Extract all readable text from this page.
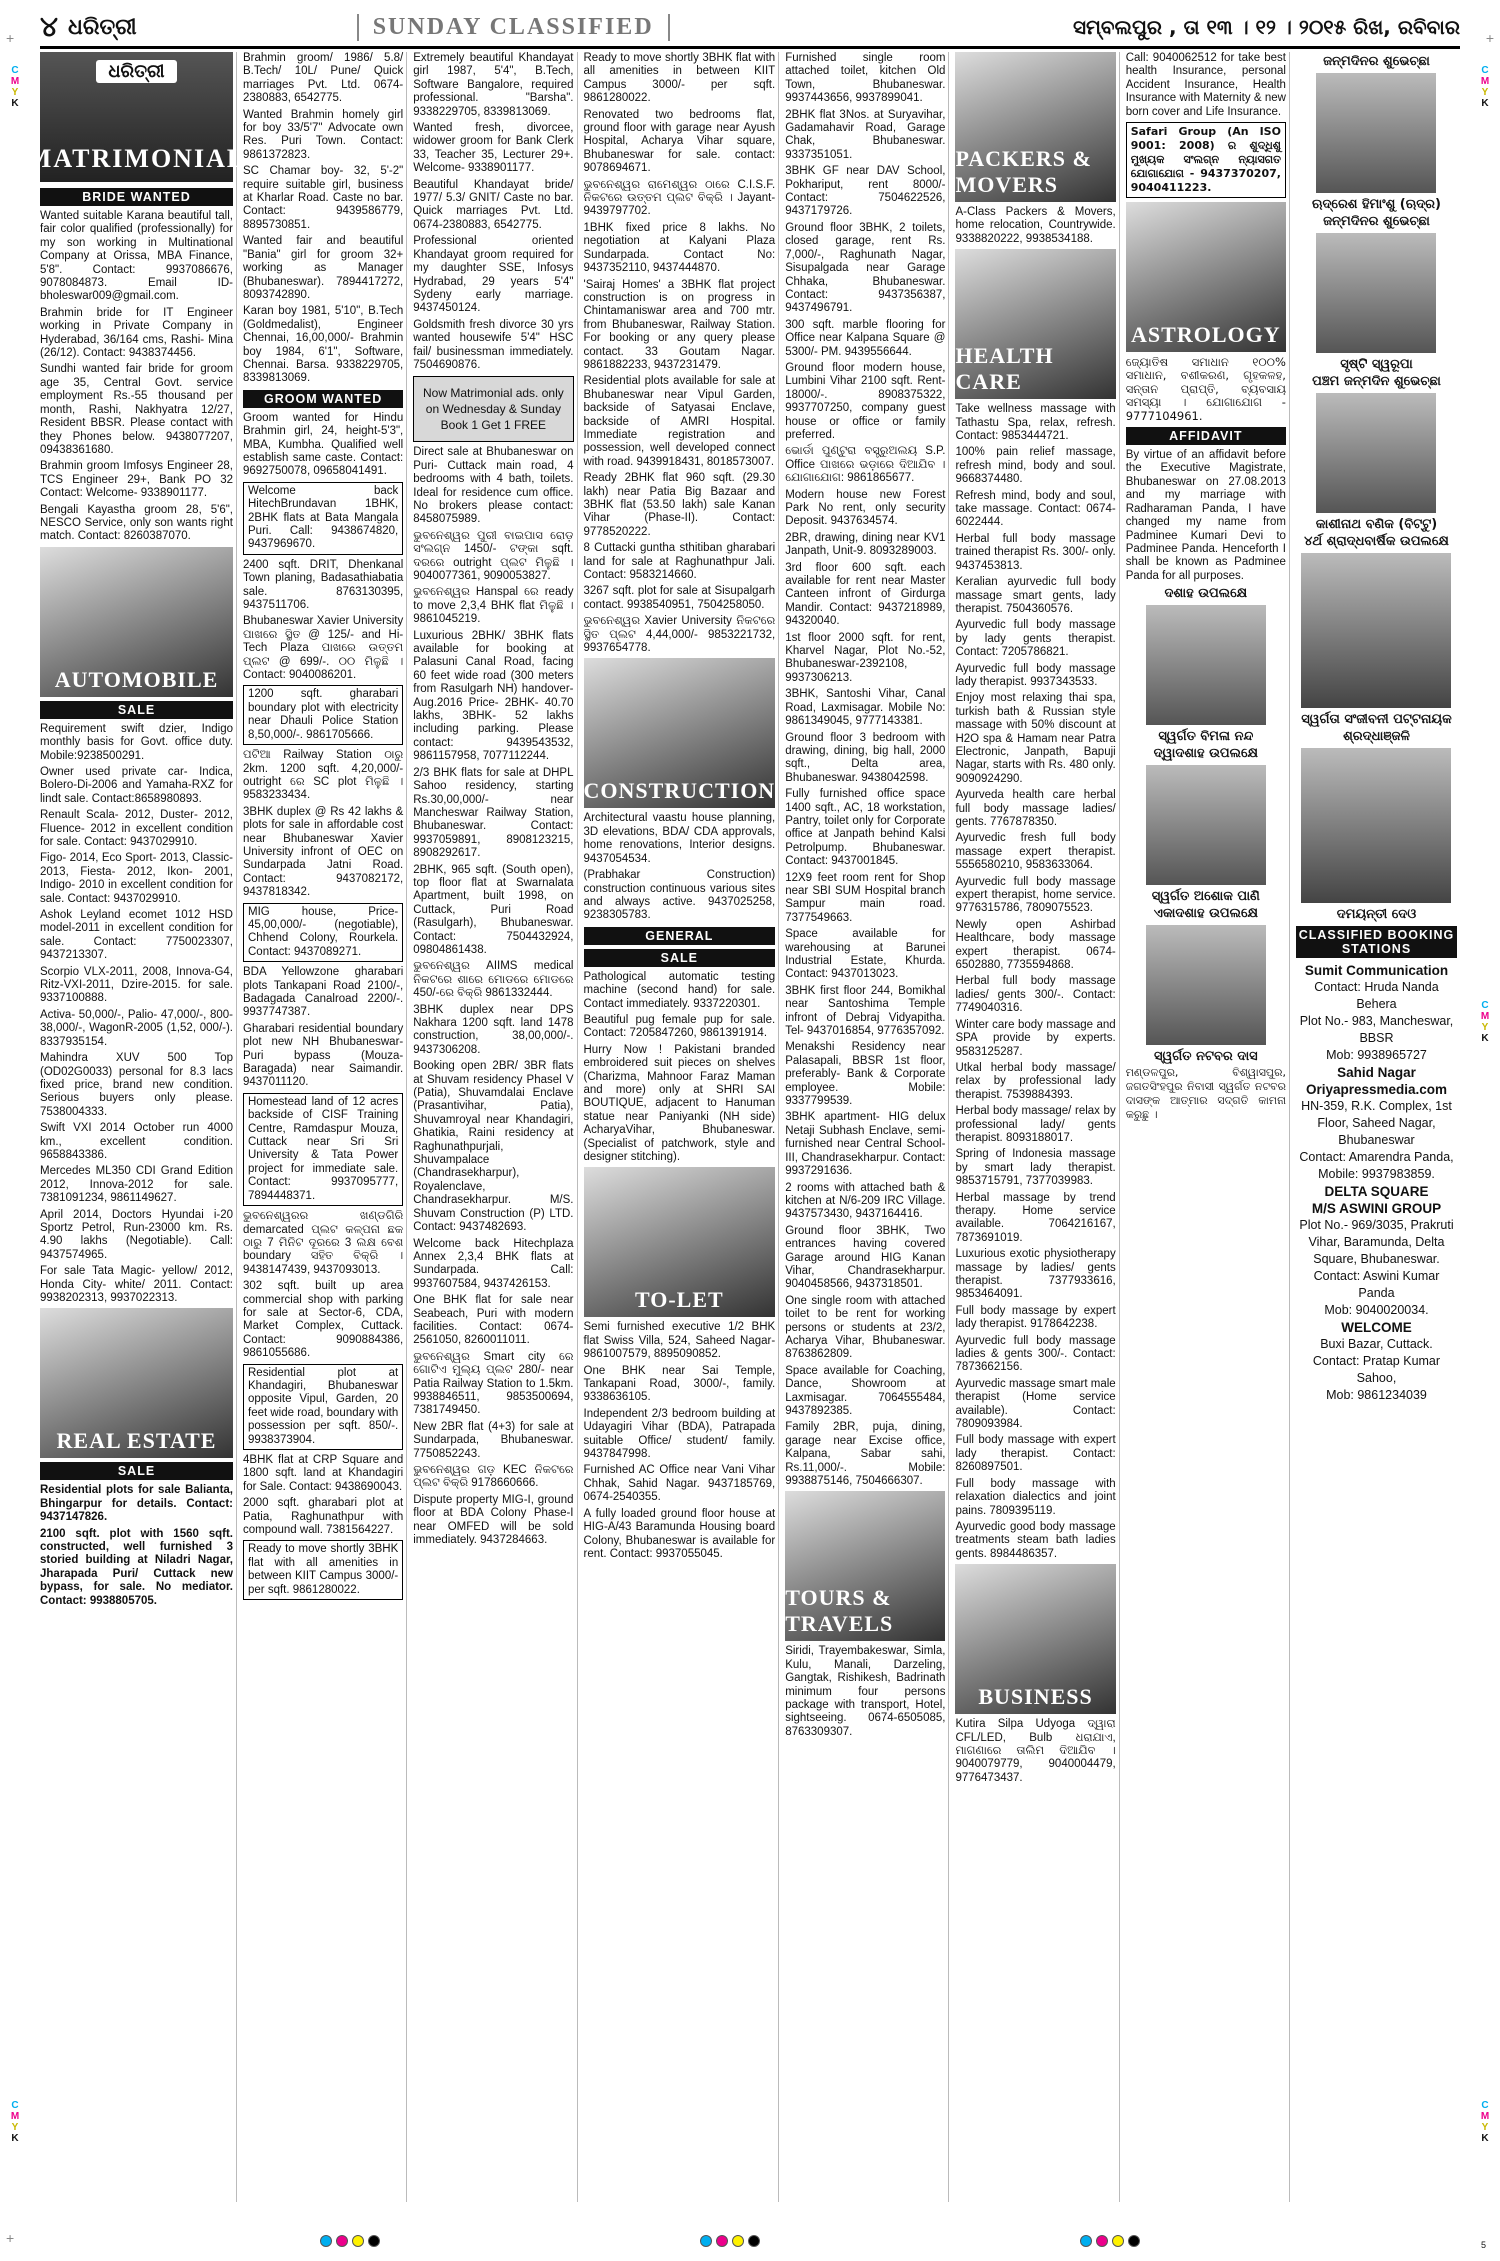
୪ ଧରିତ୍ରୀ	SUNDAY CLASSIFIED	ସମ୍ବଲପୁର , ତା ୧୩ । ୧୨ । ୨୦୧୫ ରିଖ, ରବିବାର
ଧରିତ୍ରୀ
MATRIMONIAL
BRIDE WANTED
Wanted suitable Karana beautiful tall, fair color qualified (professionally) for my son working in Multinational Company at Orissa, MBA Finance, 5'8". Contact: 9937086676, 9078084873. Email ID- bholeswar009@gmail.com.
Brahmin bride for IT Engineer working in Private Company in Hyderabad, 36/164 cms, Rashi- Mina (26/12). Contact: 9438374456.
Sundhi wanted fair bride for groom age 35, Central Govt. service employment Rs.-55 thousand per month, Rashi, Nakhyatra 12/27, Resident BBSR. Please contact with they Phones below. 9438077207, 09438361680.
Brahmin groom Imfosys Engineer 28, TCS Engineer 29+, Bank PO 32 Contact: Welcome- 9338901177.
Bengali Kayastha groom 28, 5'6", NESCO Service, only son wants right match. Contact: 8260387070.
AUTOMOBILE
SALE
Requirement swift dzier, Indigo monthly basis for Govt. office duty. Mobile:9238500291.
Owner used private car- Indica, Bolero-Di-2006 and Yamaha-RXZ for lindt sale. Contact:8658980893.
Renault Scala- 2012, Duster- 2012, Fluence- 2012 in excellent condition for sale. Contact: 9437029910.
Figo- 2014, Eco Sport- 2013, Classic- 2013, Fiesta- 2012, Ikon- 2001, Indigo- 2010 in excellent condition for sale. Contact: 9437029910.
Ashok Leyland ecomet 1012 HSD model-2011 in excellent condition for sale. Contact: 7750023307, 9437213307.
Scorpio VLX-2011, 2008, Innova-G4, Ritz-VXI-2011, Dzire-2015. for sale. 9337100888.
Activa- 50,000/-, Palio- 47,000/-, 800- 38,000/-, WagonR-2005 (1,52, 000/-). 8337935154.
Mahindra XUV 500 Top (OD02G0033) personal for 8.3 lacs fixed price, brand new condition. Serious buyers only please. 7538004333.
Swift VXI 2014 October run 4000 km., excellent condition. 9658843386.
Mercedes ML350 CDI Grand Edition 2012, Innova-2012 for sale. 7381091234, 9861149627.
April 2014, Doctors Hyundai i-20 Sportz Petrol, Run-23000 km. Rs. 4.90 lakhs (Negotiable). Call: 9437574965.
For sale Tata Magic- yellow/ 2012, Honda City- white/ 2011. Contact: 9938202313, 9937022313.
REAL ESTATE
SALE
Residential plots for sale Balianta, Bhingarpur for details. Contact: 9437147826.
2100 sqft. plot with 1560 sqft. constructed, well furnished 3 storied building at Niladri Nagar, Jharapada Puri/ Cuttack new bypass, for sale. No mediator. Contact: 9938805705.
Brahmin groom/ 1986/ 5.8/ B.Tech/ 10L/ Pune/ Quick marriages Pvt. Ltd. 0674-2380883, 6542775.
Wanted Brahmin homely girl for boy 33/5'7" Advocate own Res. Puri Town. Contact: 9861372823.
SC Chamar boy- 32, 5'-2" require suitable girl, business at Kharlar Road. Caste no bar. Contact: 9439586779, 8895730851.
Wanted fair and beautiful "Bania" girl for groom 32+ working as Manager (Bhubaneswar). 7894417272, 8093742890.
Karan boy 1981, 5'10", B.Tech (Goldmedalist), Engineer Chennai, 16,00,000/- Brahmin boy 1984, 6'1", Software, Chennai. Barsa. 9338229705, 8339813069.
GROOM WANTED
Groom wanted for Hindu Brahmin girl, 24, height-5'3", MBA, Kumbha. Qualified well establish same caste. Contact: 9692750078, 09658041491.
Welcome back HitechBrundavan 1BHK, 2BHK flats at Bata Mangala Puri. Call: 9438674820, 9437969670.
2400 sqft. DRIT, Dhenkanal Town planing, Badasathiabatia sale. 8763130395, 9437511706.
Bhubaneswar Xavier University ପାଖରେ ସ୍ଥିତ @ 125/- and Hi-Tech Plaza ପାଖରେ ଉତ୍ତମ ପ୍ଲଟ @ 699/-. ୦୦ ମିଳୁଛି । Contact: 9040086201.
1200 sqft. gharabari boundary plot with electricity near Dhauli Police Station 8,50,000/-. 9861705666.
ପଟିଆ Railway Station ଠାରୁ 2km. 1200 sqft. 4,20,000/- outright ରେ SC plot ମିଳୁଛି । 9583233434.
3BHK duplex @ Rs 42 lakhs & plots for sale in affordable cost near Bhubaneswar Xavier University infront of OEC on Sundarpada Jatni Road. Contact: 9437082172, 9437818342.
MIG house, Price- 45,00,000/- (negotiable), Chhend Colony, Rourkela. Contact: 9437089271.
BDA Yellowzone gharabari plots Tankapani Road 2100/-, Badagada Canalroad 2200/-. 9937747387.
Gharabari residential boundary plot new NH Bhubaneswar- Puri bypass (Mouza- Baragada) near Saimandir. 9437011120.
Homestead land of 12 acres backside of CISF Training Centre, Ramdaspur Mouza, Cuttack near Sri Sri University & Tata Power project for immediate sale. Contact: 9937095777, 7894448371.
ଭୁବନେଶ୍ୱରର ଖଣ୍ଡଗିରି demarcated ପ୍ଲଟ କଳ୍ପନା ଛକ ଠାରୁ 7 ମିନିଟ ଦୂରରେ 3 ଲକ୍ଷ ବେଶ boundary ସହିତ ବିକ୍ରି । 9438147439, 9437093013.
302 sqft. built up area commercial shop with parking for sale at Sector-6, CDA, Market Complex, Cuttack. Contact: 9090884386, 9861055686.
Residential plot at Khandagiri, Bhubaneswar opposite Vipul, Garden, 20 feet wide road, boundary with possession per sqft. 850/-. 9938373904.
4BHK flat at CRP Square and 1800 sqft. land at Khandagiri for Sale. Contact: 9438690043.
2000 sqft. gharabari plot at Patia, Raghunathpur with compound wall. 7381564227.
Ready to move shortly 3BHK flat with all amenities in between KIIT Campus 3000/- per sqft. 9861280022.
Extremely beautiful Khandayat girl 1987, 5'4", B.Tech, Software Bangalore, required professional. "Barsha". 9338229705, 8339813069.
Wanted fresh, divorcee, widower groom for Bank Clerk 33, Teacher 35, Lecturer 29+. Welcome- 9338901177.
Beautiful Khandayat bride/ 1977/ 5.3/ GNIT/ Caste no bar. Quick marriages Pvt. Ltd. 0674-2380883, 6542775.
Professional oriented Khandayat groom required for my daughter SSE, Infosys Hydrabad, 29 years 5'4" Sydeny early marriage. 9437450124.
Goldsmith fresh divorce 30 yrs wanted housewife 5'4" HSC fail/ businessman immediately. 7504690876.
Now Matrimonial ads. only on Wednesday & Sunday Book 1 Get 1 FREE
Direct sale at Bhubaneswar on Puri- Cuttack main road, 4 bedrooms with 4 bath, toilets. Ideal for residence cum office. No brokers please contact: 8458075989.
ଭୁବନେଶ୍ୱର ପୁରୀ ବାଇପାସ ରୋଡ଼ ସଂଲଗ୍ନ 1450/- ଟଙ୍କା sqft. ଦରରେ outright ପ୍ଲଟ ମିଳୁଛି । 9040077361, 9090053827.
ଭୁବନେଶ୍ୱର Hanspal ରେ ready to move 2,3,4 BHK flat ମିଳୁଛି । 9861045219.
Luxurious 2BHK/ 3BHK flats available for booking at Palasuni Canal Road, facing 60 feet wide road (300 meters from Rasulgarh NH) handover- Aug.2016 Price- 2BHK- 40.70 lakhs, 3BHK- 52 lakhs including parking. Please contact: 9439543532, 9861157958, 7077112244.
2/3 BHK flats for sale at DHPL Sahoo residency, starting Rs.30,00,000/- near Mancheswar Railway Station, Bhubaneswar. Contact: 9937059891, 8908123215, 8908292617.
2BHK, 965 sqft. (South open), top floor flat at Swarnalata Apartment, built 1998, on Cuttack, Puri Road (Rasulgarh), Bhubaneswar. Contact: 7504432924, 09804861438.
ଭୁବନେଶ୍ୱର AIIMS medical ନିକଟରେ ଶାରେ ମୋଡରେ ମୋଡରେ 450/-ରେ ବିକ୍ରି 9861332444.
3BHK duplex near DPS Nakhara 1200 sqft. land 1478 construction, 38,00,000/-. 9437306208.
Booking open 2BR/ 3BR flats at Shuvam residency Phasel V (Patia), Shuvamdalai Enclave (Prasantivihar, Patia), Shuvamroyal near Khandagiri, Ghatikia, Raini residency at Raghunathpurjali, Shuvampalace (Chandrasekharpur), Royalenclave, Chandrasekharpur. M/S. Shuvam Construction (P) LTD. Contact: 9437482693.
Welcome back Hitechplaza Annex 2,3,4 BHK flats at Sundarpada. Call: 9937607584, 9437426153.
One BHK flat for sale near Seabeach, Puri with modern facilities. Contact: 0674-2561050, 8260011011.
ଭୁବନେଶ୍ୱର Smart city ରେ ଗୋଟିଏ ମୁଲ୍ୟ ପ୍ଲଟ 280/- near Patia Railway Station to 1.5km. 9938846511, 9853500694, 7381749450.
New 2BR flat (4+3) for sale at Sundarpada, Bhubaneswar. 7750852243.
ଭୁବନେଶ୍ୱର ଗଡ଼ KEC ନିକଟରେ ପ୍ଲଟ ବିକ୍ରି 9178660666.
Dispute property MIG-I, ground floor at BDA Colony Phase-I near OMFED will be sold immediately. 9437284663.
Ready to move shortly 3BHK flat with all amenities in between KIIT Campus 3000/- per sqft. 9861280022.
Renovated two bedrooms flat, ground floor with garage near Ayush Hospital, Acharya Vihar square, Bhubaneswar for sale. contact: 9078694671.
ଭୁବନେଶ୍ୱର ରାମେଶ୍ୱର ଠାରେ C.I.S.F. ନିକଟରେ ଉତ୍ତମ ପ୍ଲଟ ବିକ୍ରି । Jayant- 9439797702.
1BHK fixed price 8 lakhs. No negotiation at Kalyani Plaza Sundarpada. Contact No: 9437352110, 9437444870.
'Sairaj Homes' a 3BHK flat project construction is on progress in Chintamaniswar area and 700 mtr. from Bhubaneswar, Railway Station. For booking or any query please contact. 33 Goutam Nagar. 9861882233, 9437231479.
Residential plots available for sale at Bhubaneswar near Vipul Garden, backside of Satyasai Enclave, backside of AMRI Hospital. Immediate registration and possession, well developed connect with road. 9439918431, 8018573007.
Ready 2BHK flat 960 sqft. (29.30 lakh) near Patia Big Bazaar and 3BHK flat (53.50 lakh) sale Kanan Vihar (Phase-II). Contact: 9778520222.
8 Cuttacki guntha sthitiban gharabari land for sale at Raghunathpur Jali. Contact: 9583214660.
3267 sqft. plot for sale at Sisupalgarh contact. 9938540951, 7504258050.
ଭୁବନେଶ୍ୱର Xavier University ନିକଟରେ ସ୍ଥିତ ପ୍ଲଟ 4,44,000/- 9853221732, 9937654778.
CONSTRUCTION
Architectural vaastu house planning, 3D elevations, BDA/ CDA approvals, home renovations, Interior designs. 9437054534.
(Prabhakar Construction) construction continuous various sites and always active. 9437025258, 9238305783.
GENERAL
SALE
Pathological automatic testing machine (second hand) for sale. Contact immediately. 9337220301.
Beautiful pug female pup for sale. Contact: 7205847260, 9861391914.
Hurry Now ! Pakistani branded embroidered suit pieces on shelves (Charizma, Mahnoor Faraz Maman and more) only at SHRI SAI BOUTIQUE, adjacent to Hanuman statue near Paniyanki (NH side) AcharyaVihar, Bhubaneswar. (Specialist of patchwork, style and designer stitching).
TO-LET
Semi furnished executive 1/2 BHK flat Swiss Villa, 524, Saheed Nagar-9861007579, 8895090852.
One BHK near Sai Temple, Tankapani Road, 3000/-, family. 9338636105.
Independent 2/3 bedroom building at Udayagiri Vihar (BDA), Patrapada suitable Office/ student/ family. 9437847998.
Furnished AC Office near Vani Vihar Chhak, Sahid Nagar. 9437185769, 0674-2540355.
A fully loaded ground floor house at HIG-A/43 Baramunda Housing board Colony, Bhubaneswar is available for rent. Contact: 9937055045.
Furnished single room attached toilet, kitchen Old Town, Bhubaneswar. 9937443656, 9937899041.
2BHK flat 3Nos. at Suryavihar, Gadamahavir Road, Garage Chak, Bhubaneswar. 9337351051.
3BHK GF near DAV School, Pokhariput, rent 8000/- Contact: 7504622526, 9437179726.
Ground floor 3BHK, 2 toilets, closed garage, rent Rs. 7,000/-, Raghunath Nagar, Sisupalgada near Garage Chhaka, Bhubaneswar. Contact: 9437356387, 9437496791.
300 sqft. marble flooring for Office near Kalpana Square @ 5300/- PM. 9439556644.
Ground floor modern house, Lumbini Vihar 2100 sqft. Rent- 18000/-. 8908375322, 9937707250, company guest house or office or family preferred.
ଭୋର୍ଡା ପୁଣ୍ଟୁରା ବସ୍ତ୍ରୁଅଲୟ S.P. Office ପାଖରେ ଭଡ଼ାରେ ଦିଆଯିବ । ଯୋଗାଯୋଗ: 9861865677.
Modern house new Forest Park No rent, only security Deposit. 9437634574.
2BR, drawing, dining near KV1 Janpath, Unit-9. 8093289003.
3rd floor 600 sqft. each available for rent near Master Canteen infront of Girdurga Mandir. Contact: 9437218989, 94320040.
1st floor 2000 sqft. for rent, Kharvel Nagar, Plot No.-52, Bhubaneswar-2392108, 9937306213.
3BHK, Santoshi Vihar, Canal Road, Laxmisagar. Mobile No: 9861349045, 9777143381.
Ground floor 3 bedroom with drawing, dining, big hall, 2000 sqft., Delta area, Bhubaneswar. 9438042598.
Fully furnished office space 1400 sqft., AC, 18 workstation, Pantry, toilet only for Corporate office at Janpath behind Kalsi Petrolpump. Bhubaneswar. Contact: 9437001845.
12X9 feet room rent for Shop near SBI SUM Hospital branch Sampur main road. 7377549663.
Space available for warehousing at Barunei Industrial Estate, Khurda. Contact: 9437013023.
3BHK first floor 244, Bomikhal near Santoshima Temple infront of Debraj Vidyapitha. Tel- 9437016854, 9776357092.
Menakshi Residency near Palasapali, BBSR 1st floor, preferably- Bank & Corporate employee. Mobile: 9337799539.
3BHK apartment- HIG delux Netaji Subhash Enclave, semi- furnished near Central School-III, Chandrasekharpur. Contact: 9937291636.
2 rooms with attached bath & kitchen at N/6-209 IRC Village. 9437573430, 9437164416.
Ground floor 3BHK, Two entrances having covered Garage around HIG Kanan Vihar, Chandrasekharpur. 9040458566, 9437318501.
One single room with attached toilet to be rent for working persons or students at 23/2, Acharya Vihar, Bhubaneswar. 8763862809.
Space available for Coaching, Dance, Showroom at Laxmisagar. 7064555484, 9437892385.
Family 2BR, puja, dining, garage near Excise office, Kalpana, Sabar sahi, Rs.11,000/-. Mobile: 9938875146, 7504666307.
TOURS & TRAVELS
Siridi, Trayembakeswar, Simla, Kulu, Manali, Darzeling, Gangtak, Rishikesh, Badrinath minimum four persons package with transport, Hotel, sightseeing. 0674-6505085, 8763309307.
PACKERS & MOVERS
A-Class Packers & Movers, home relocation, Countrywide. 9338820222, 9938534188.
HEALTH CARE
Take wellness massage with Tathastu Spa, relax, refresh. Contact: 9853444721.
100% pain relief massage, refresh mind, body and soul. 9668374480.
Refresh mind, body and soul, take massage. Contact: 0674- 6022444.
Herbal full body massage trained therapist Rs. 300/- only. 9437453813.
Keralian ayurvedic full body massage smart gents, lady therapist. 7504360576.
Ayurvedic full body massage by lady gents therapist. Contact: 7205786821.
Ayurvedic full body massage lady therapist. 9937343533.
Enjoy most relaxing thai spa, turkish bath & Russian style massage with 50% discount at H2O spa & Hamam near Patra Electronic, Janpath, Bapuji Nagar, starts with Rs. 480 only. 9090924290.
Ayurveda health care herbal full body massage ladies/ gents. 7767878350.
Ayurvedic fresh full body massage expert therapist. 5556580210, 9583633064.
Ayurvedic full body massage expert therapist, home service. 9776315786, 7809075523.
Newly open Ashirbad Healthcare, body massage expert therapist. 0674-6502880, 7735594868.
Herbal full body massage ladies/ gents 300/-. Contact: 7749040316.
Winter care body massage and SPA provide by experts. 9583125287.
Utkal herbal body massage/ relax by professional lady therapist. 7539884393.
Herbal body massage/ relax by professional lady/ gents therapist. 8093188017.
Spring of Indonesia massage by smart lady therapist. 9853715791, 7377039983.
Herbal massage by trend therapy. Home service available. 7064216167, 7873691019.
Luxurious exotic physiotherapy massage by ladies/ gents therapist. 7377933616, 9853464091.
Full body massage by expert lady therapist. 9178642238.
Ayurvedic full body massage ladies & gents 300/-. Contact: 7873662156.
Ayurvedic massage smart male therapist (Home service available). Contact: 7809093984.
Full body massage with expert lady therapist. Contact: 8260897501.
Full body massage with relaxation dialectics and joint pains. 7809395119.
Ayurvedic good body massage treatments steam bath ladies gents. 8984486357.
BUSINESS
Kutira Silpa Udyoga ଦ୍ୱାରା CFL/LED, Bulb ଧରାଯାଏ, ମାଗଣାରେ ତାଲିମ ଦିଆଯିବ । 9040079779, 9040004479, 9776473437.
Call: 9040062512 for take best health Insurance, personal Accident Insurance, Health Insurance with Maternity & new born cover and Life Insurance.
Safari Group (An ISO 9001: 2008) ର ଶୁଦ୍ଧିଶୁ ମୁଖ୍ୟକ ସଂଲଗ୍ନ ନ୍ୟାସଗତ ଯୋଗାଯୋଗ - 9437370207, 9040411223.
ASTROLOGY
ଜ୍ୟୋତିଷ ସମାଧାନ ୧୦୦% ସମାଧାନ, ବଶୀକରଣ, ଗୃହକଳହ, ସନ୍ତାନ ପ୍ରାପ୍ତି, ବ୍ୟବସାୟ ସମସ୍ୟା । ଯୋଗାଯୋଗ - 9777104961.
AFFIDAVIT
By virtue of an affidavit before the Executive Magistrate, Bhubaneswar on 27.08.2013 and my marriage with Radharaman Panda, I have changed my name from Padminee Kumari Devi to Padminee Panda. Henceforth I shall be known as Padminee Panda for all purposes.
ଦଶାହ ଉପଲକ୍ଷେ
ସ୍ୱର୍ଗତ ବିମଳା ନନ୍ଦ
ଦ୍ୱାଦଶାହ ଉପଲକ୍ଷେ
ସ୍ୱର୍ଗତ ଅଶୋକ ପାଣି
ଏକାଦଶାହ ଉପଲକ୍ଷେ
ସ୍ୱର୍ଗତ ନଟବର ଦାସ
ମଣ୍ଡଳପୁର, ବିଶ୍ୱାସପୁର, ଜଗତସିଂହପୁର ନିବାସୀ ସ୍ୱର୍ଗତ ନଟବର ଦାସଙ୍କ ଆତ୍ମାର ସଦ୍ଗତି କାମନା କରୁଛୁ ।
ଜନ୍ମଦିନର ଶୁଭେଚ୍ଛା
ଋଦ୍ରେଶ ହିମାଂଶୁ (ଋଦ୍ର)
ଜନ୍ମଦିନର ଶୁଭେଚ୍ଛା
ସୃଷ୍ଟି ସ୍ୱରୂପା
ପଞ୍ଚମ ଜନ୍ମଦିନ ଶୁଭେଚ୍ଛା
କାଶୀନାଥ ବଣିକ (ବିଟ୍ଟୁ)
୪ର୍ଥ ଶ୍ରାଦ୍ଧବାର୍ଷିକ ଉପଲକ୍ଷେ
ସ୍ୱର୍ଗତା ସଂଜୀବନୀ ପଟ୍ଟନାୟକ
ଶ୍ରଦ୍ଧାଞ୍ଜଳି
ଦମୟନ୍ତୀ ଦେଓ
CLASSIFIED BOOKING STATIONS
Sumit Communication
Contact: Hruda Nanda Behera
Plot No.- 983, Mancheswar, BBSR
Mob: 9938965727
Sahid Nagar
Oriyapressmedia.com
HN-359, R.K. Complex, 1st Floor, Saheed Nagar, Bhubaneswar
Contact: Amarendra Panda,
Mobile: 9937983859.
DELTA SQUARE
M/S ASWINI GROUP
Plot No.- 969/3035, Prakruti Vihar, Baramunda, Delta Square, Bhubaneswar.
Contact: Aswini Kumar Panda
Mob: 9040020034.
WELCOME
Buxi Bazar, Cuttack.
Contact: Pratap Kumar Sahoo,
Mob: 9861234039
C
M
Y
K
C
M
Y
K
C
M
Y
K
C
M
Y
K
C
M
Y
K
+	+
+	5
